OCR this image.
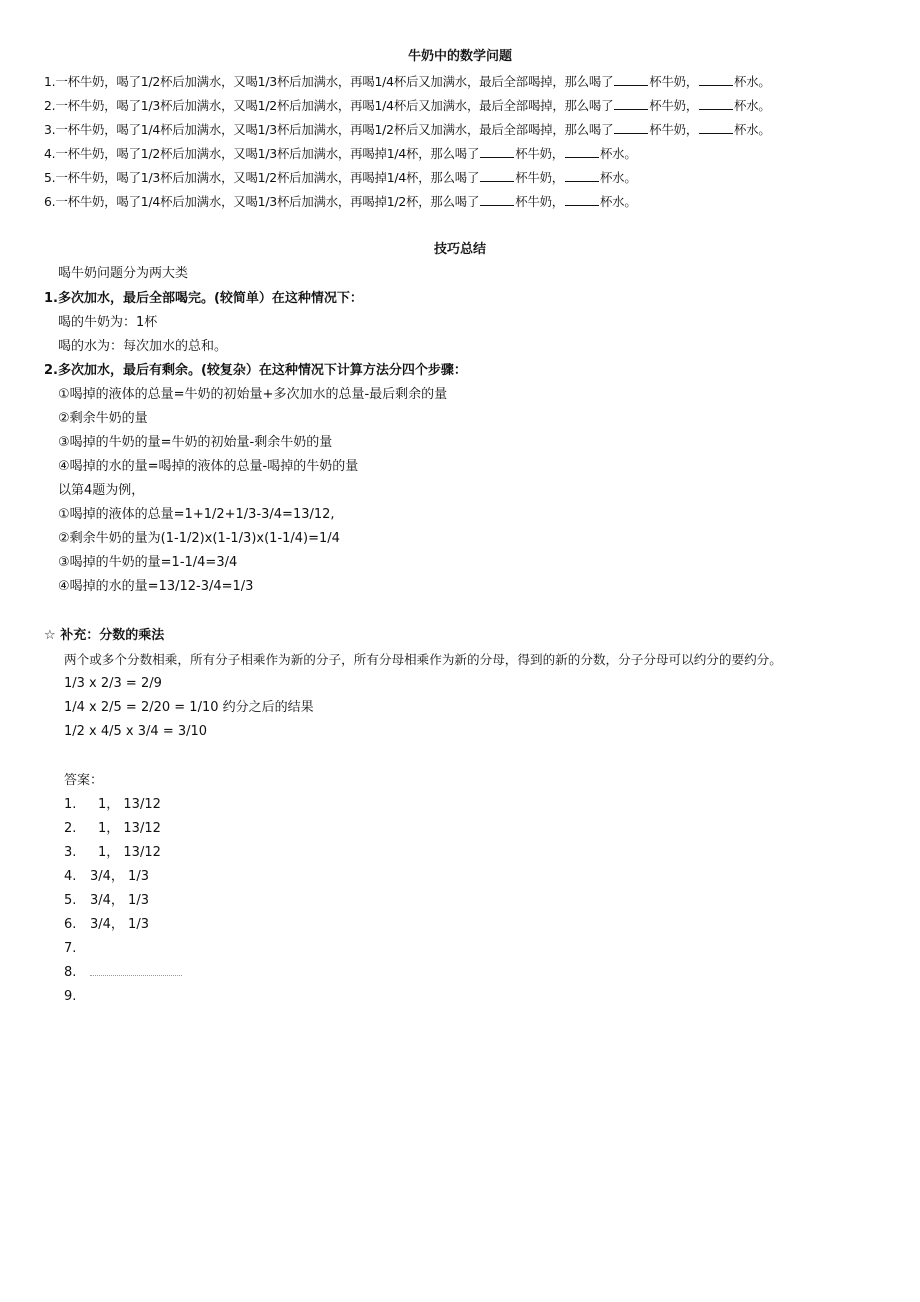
牛奶中的数学问题
1.一杯牛奶，喝了1/2杯后加满水，又喝1/3杯后加满水，再喝1/4杯后又加满水，最后全部喝掉，那么喝了	杯牛奶，	杯水。
2.一杯牛奶，喝了1/3杯后加满水，又喝1/2杯后加满水，再喝1/4杯后又加满水，最后全部喝掉，那么喝了	杯牛奶，	杯水。
3.一杯牛奶，喝了1/4杯后加满水，又喝1/3杯后加满水，再喝1/2杯后又加满水，最后全部喝掉，那么喝了	杯牛奶，	杯水。
4.一杯牛奶，喝了1/2杯后加满水，又喝1/3杯后加满水，再喝掉1/4杯，那么喝了	杯牛奶，	杯水。
5.一杯牛奶，喝了1/3杯后加满水，又喝1/2杯后加满水，再喝掉1/4杯，那么喝了	杯牛奶，	杯水。
6.一杯牛奶，喝了1/4杯后加满水，又喝1/3杯后加满水，再喝掉1/2杯，那么喝了	杯牛奶，	杯水。
技巧总结
喝牛奶问题分为两大类
1.多次加水，最后全部喝完。(较简单）在这种情况下：
喝的牛奶为：1杯
喝的水为：每次加水的总和。
2.多次加水，最后有剩余。(较复杂）在这种情况下计算方法分四个步骤：
①喝掉的液体的总量=牛奶的初始量+多次加水的总量-最后剩余的量
②剩余牛奶的量
③喝掉的牛奶的量=牛奶的初始量-剩余牛奶的量
④喝掉的水的量=喝掉的液体的总量-喝掉的牛奶的量
以第4题为例，
①喝掉的液体的总量=1+1/2+1/3-3/4=13/12,
②剩余牛奶的量为(1-1/2)x(1-1/3)x(1-1/4)=1/4
③喝掉的牛奶的量=1-1/4=3/4
④喝掉的水的量=13/12-3/4=1/3
☆ 补充：分数的乘法
两个或多个分数相乘，所有分子相乘作为新的分子，所有分母相乘作为新的分母，得到的新的分数，分子分母可以约分的要约分。
1/3 x 2/3 = 2/9
1/4 x 2/5 = 2/20 = 1/10 约分之后的结果
1/2 x 4/5 x 3/4 = 3/10
答案：
1. 1， 13/12
2. 1， 13/12
3. 1， 13/12
4. 3/4， 1/3
5. 3/4， 1/3
6. 3/4， 1/3
7.
8.
9.
